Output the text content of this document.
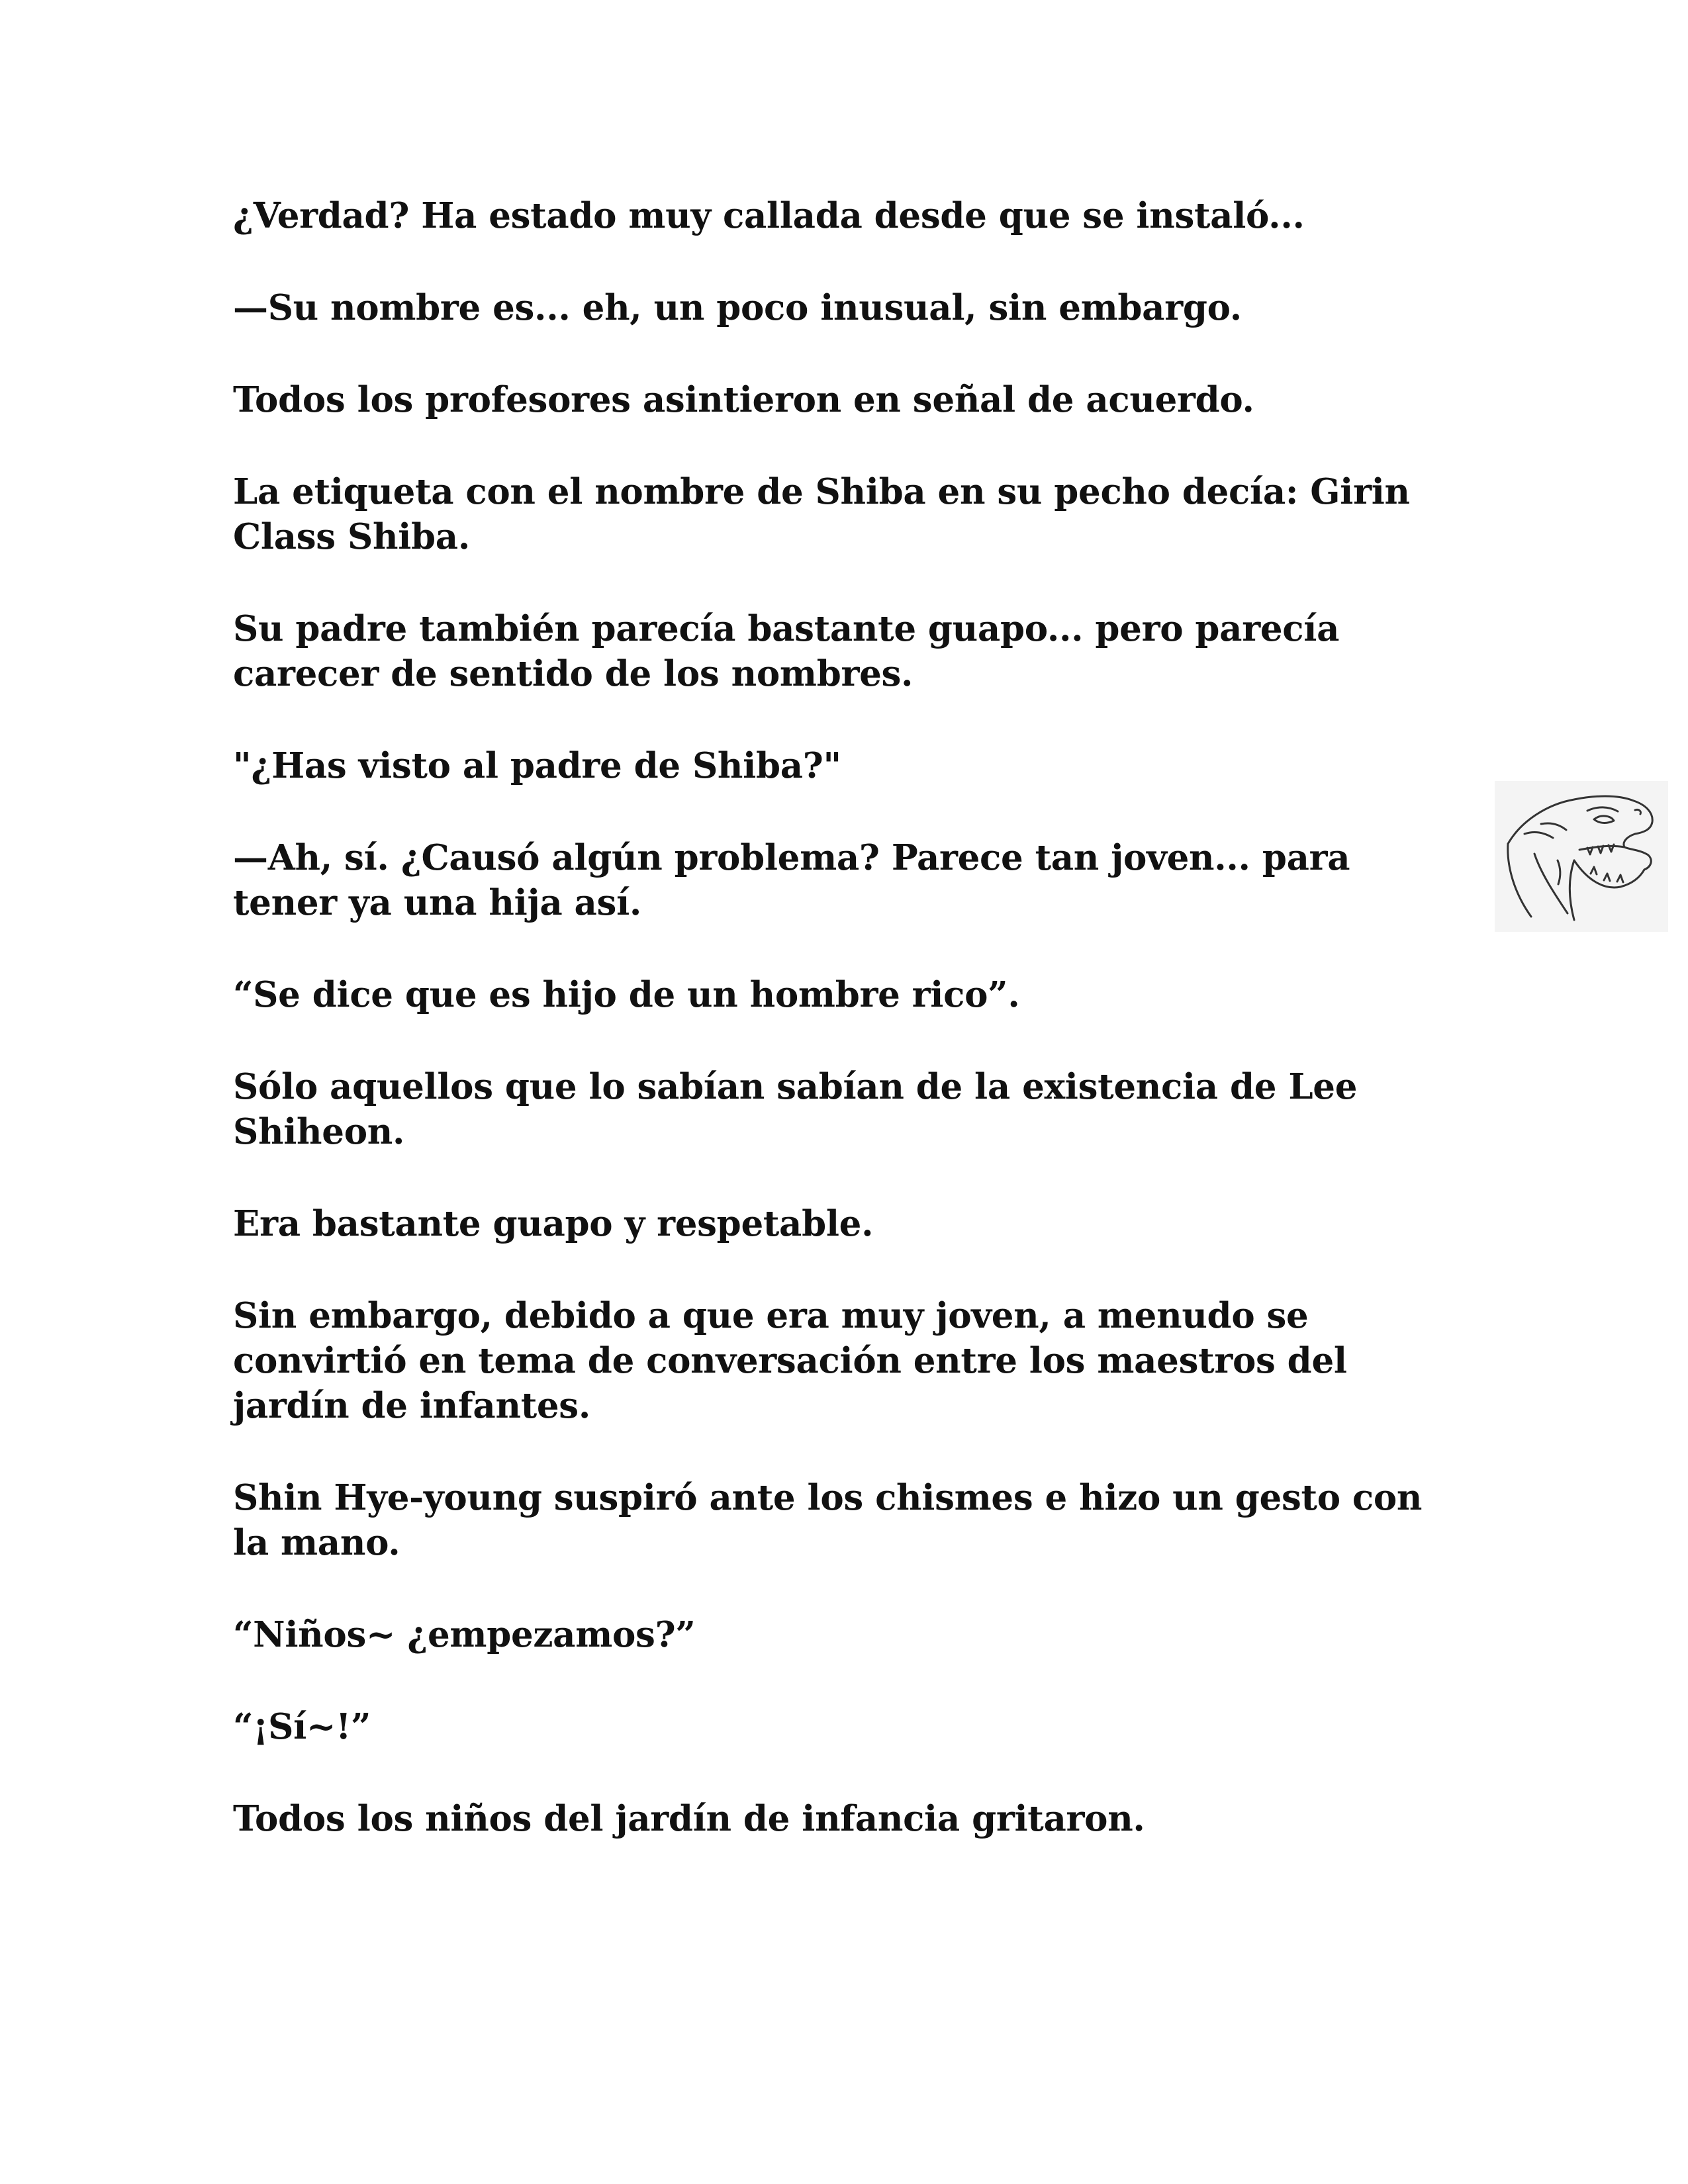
¿Verdad? Ha estado muy callada desde que se instaló...

—Su nombre es... eh, un poco inusual, sin embargo.

Todos los profesores asintieron en señal de acuerdo.

La etiqueta con el nombre de Shiba en su pecho decía: Girin Class Shiba.

Su padre también parecía bastante guapo... pero parecía carecer de sentido de los nombres.

"¿Has visto al padre de Shiba?"

—Ah, sí. ¿Causó algún problema? Parece tan joven... para tener ya una hija así.

“Se dice que es hijo de un hombre rico”.

Sólo aquellos que lo sabían sabían de la existencia de Lee Shiheon.

Era bastante guapo y respetable.

Sin embargo, debido a que era muy joven, a menudo se convirtió en tema de conversación entre los maestros del jardín de infantes.

Shin Hye-young suspiró ante los chismes e hizo un gesto con la mano.

“Niños~ ¿empezamos?”

“¡Sí~!”

Todos los niños del jardín de infancia gritaron.
